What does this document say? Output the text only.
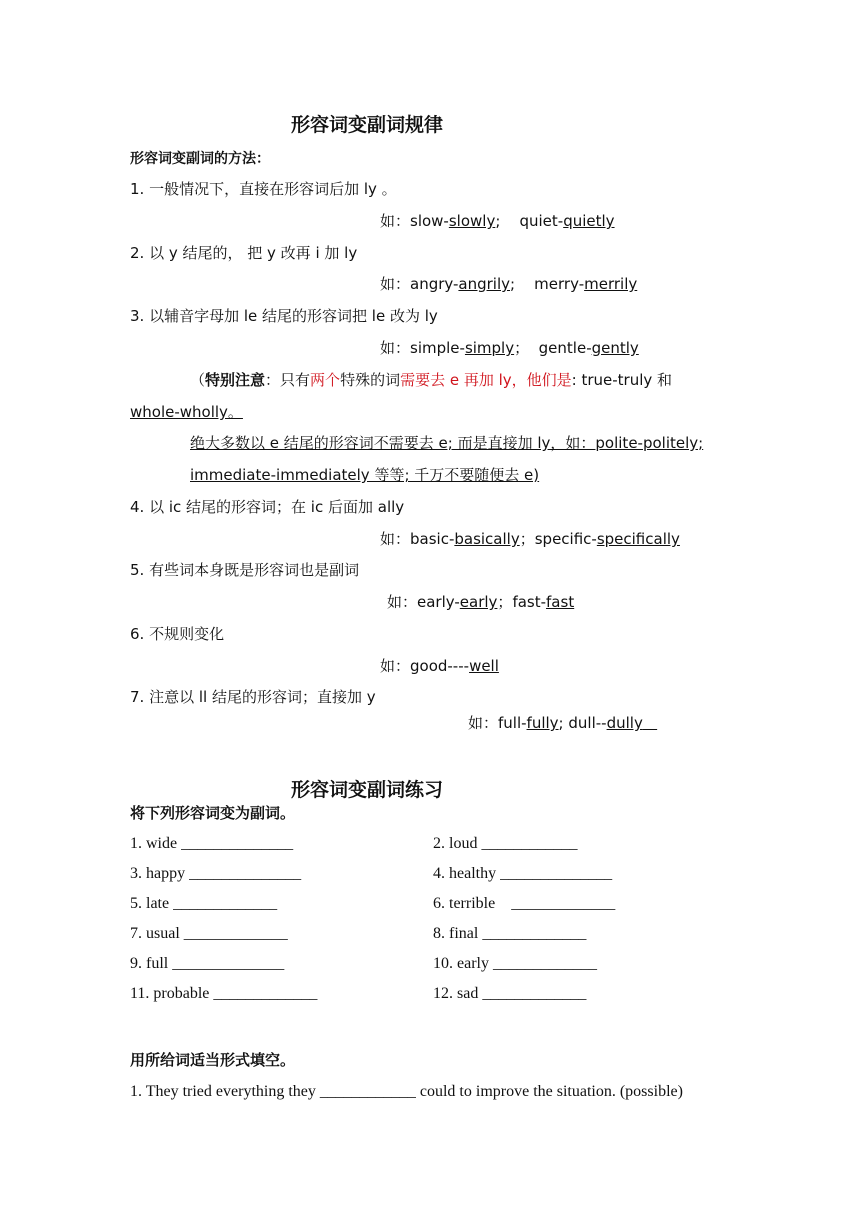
形容词变副词规律
形容词变副词的方法：
1. 一般情况下，直接在形容词后加 ly 。
如：slow-slowly;    quiet-quietly
2. 以 y 结尾的， 把 y 改再 i 加 ly
如：angry-angrily;    merry-merrily
3. 以辅音字母加 le 结尾的形容词把 le 改为 ly
如：simple-simply；  gentle-gently
（特别注意：只有两个特殊的词需要去 e 再加 ly，他们是: true-truly 和
whole-wholly。
绝大多数以 e 结尾的形容词不需要去 e; 而是直接加 ly，如：polite-politely;
immediate-immediately 等等; 千万不要随便去 e)
4. 以 ic 结尾的形容词；在 ic 后面加 ally
如：basic-basically；specific-specifically
5. 有些词本身既是形容词也是副词
如：early-early；fast-fast
6. 不规则变化
如：good----well
7. 注意以 ll 结尾的形容词；直接加 y
如：full-fully; dull--dully
形容词变副词练习
将下列形容词变为副词。
1. wide ______________	2. loud ____________
3. happy ______________	4. healthy ______________
5. late _____________	6. terrible    _____________
7. usual _____________	8. final _____________
9. full ______________	10. early _____________
11. probable _____________	12. sad _____________
用所给词适当形式填空。
1. They tried everything they ____________ could to improve the situation. (possible)
